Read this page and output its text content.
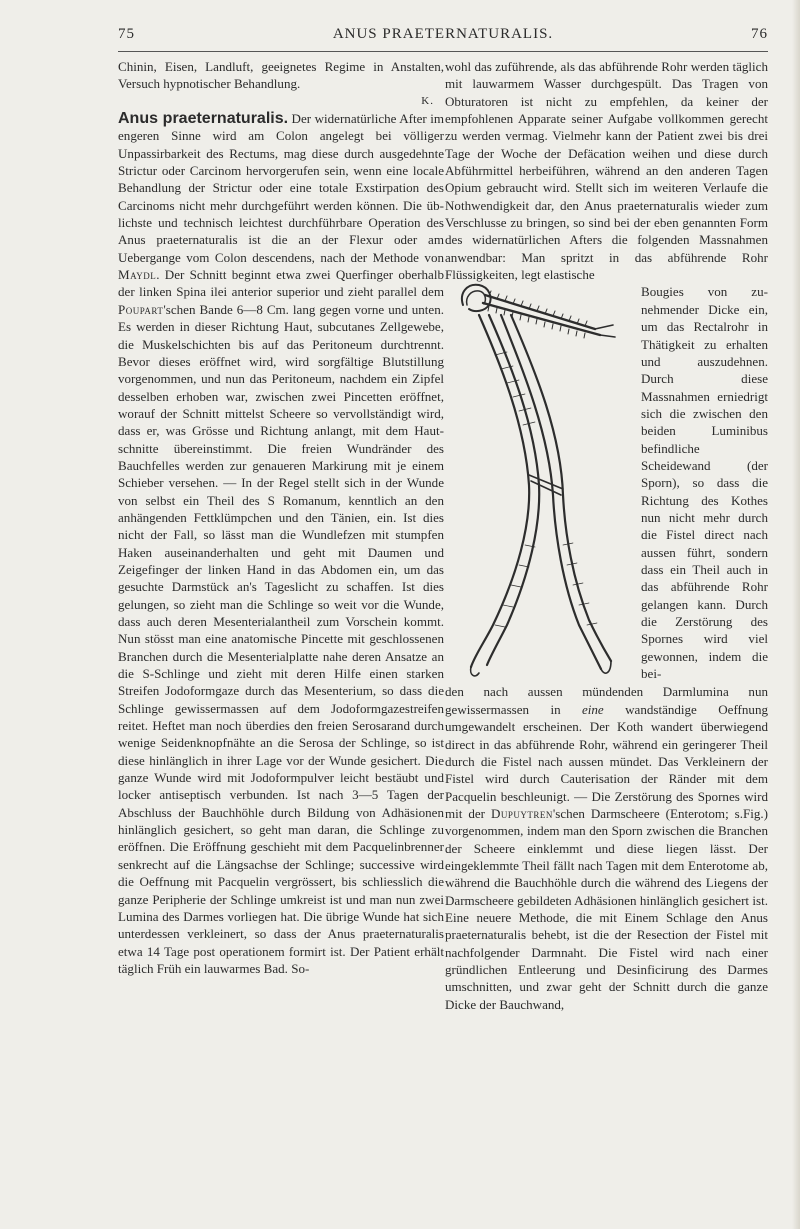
75	ANUS PRAETERNATURALIS.	76

Chinin, Eisen, Landluft, geeignetes Regime in Anstalten, Versuch hypnotischer Behandlung.

K.

Anus praeternaturalis. Der widernatürliche After im engeren Sinne wird am Colon angelegt bei völliger Unpassirbarkeit des Rectums, mag diese durch ausgedehnte Strictur oder Carcinom hervorgerufen sein, wenn eine locale Behandlung der Strictur oder eine totale Exstirpation des Carcinoms nicht mehr durchgeführt werden können. Die üblichste und technisch leichtest durchführbare Operation des Anus praeternaturalis ist die an der Flexur oder am Uebergange vom Colon descendens, nach der Methode von Maydl. Der Schnitt beginnt etwa zwei Querfinger oberhalb der linken Spina ilei anterior superior und zieht parallel dem Poupart'schen Bande 6—8 Cm. lang gegen vorne und unten. Es werden in dieser Richtung Haut, subcutanes Zellgewebe, die Muskelschichten bis auf das Peritoneum durchtrennt. Bevor dieses eröffnet wird, wird sorgfältige Blutstillung vorgenommen, und nun das Peritoneum, nachdem ein Zipfel desselben erhoben war, zwischen zwei Pincetten eröffnet, worauf der Schnitt mittelst Scheere so vervollständigt wird, dass er, was Grösse und Richtung anlangt, mit dem Hautschnitte übereinstimmt. Die freien Wundränder des Bauchfelles werden zur genaueren Markirung mit je einem Schieber versehen. — In der Regel stellt sich in der Wunde von selbst ein Theil des S Romanum, kenntlich an den anhängenden Fettklümpchen und den Tänien, ein. Ist dies nicht der Fall, so lässt man die Wundlefzen mit stumpfen Haken auseinanderhalten und geht mit Daumen und Zeigefinger der linken Hand in das Abdomen ein, um das gesuchte Darmstück an's Tageslicht zu schaffen. Ist dies gelungen, so zieht man die Schlinge so weit vor die Wunde, dass auch deren Mesenterialantheil zum Vorschein kommt. Nun stösst man eine anatomische Pincette mit geschlossenen Branchen durch die Mesenterialplatte nahe deren Ansatze an die S-Schlinge und zieht mit deren Hilfe einen starken Streifen Jodoformgaze durch das Mesenterium, so dass die Schlinge gewissermassen auf dem Jodoformgazestreifen reitet. Heftet man noch überdies den freien Serosarand durch wenige Seidenknopfnähte an die Serosa der Schlinge, so ist diese hinlänglich in ihrer Lage vor der Wunde gesichert. Die ganze Wunde wird mit Jodoformpulver leicht bestäubt und locker antiseptisch verbunden. Ist nach 3—5 Tagen der Abschluss der Bauchhöhle durch Bildung von Adhäsionen hinlänglich gesichert, so geht man daran, die Schlinge zu eröffnen. Die Eröffnung geschieht mit dem Pacquelinbrenner senkrecht auf die Längsachse der Schlinge; successive wird die Oeffnung mit Pacquelin vergrössert, bis schliesslich die ganze Peripherie der Schlinge umkreist ist und man nun zwei Lumina des Darmes vorliegen hat. Die übrige Wunde hat sich unterdessen verkleinert, so dass der Anus praeternaturalis etwa 14 Tage post operationem formirt ist. Der Patient erhält täglich Früh ein lauwarmes Bad. So-

wohl das zuführende, als das abführende Rohr werden täglich mit lauwarmem Wasser durchgespült. Das Tragen von Obturatoren ist nicht zu empfehlen, da keiner der empfohlenen Apparate seiner Aufgabe vollkommen gerecht zu werden vermag. Vielmehr kann der Patient zwei bis drei Tage der Woche der Defäcation weihen und diese durch Abführmittel herbeiführen, während an den anderen Tagen Opium gebraucht wird. Stellt sich im weiteren Verlaufe die Nothwendigkeit dar, den Anus praeternaturalis wieder zum Verschlusse zu bringen, so sind bei der eben genannten Form des widernatürlichen Afters die folgenden Massnahmen anwendbar: Man spritzt in das abführende Rohr Flüssigkeiten, legt elastische

Bougies von zunehmender Dicke ein, um das Rectalrohr in Thätigkeit zu erhalten und auszudehnen. Durch diese Massnahmen erniedrigt sich die zwischen den beiden Luminibus befindliche Scheidewand (der Sporn), so dass die Richtung des Kothes nun nicht mehr durch die Fistel direct nach aussen führt, sondern dass ein Theil auch in das abführende Rohr gelangen kann. Durch die Zerstörung des Spornes wird viel gewonnen, indem die bei-

den nach aussen mündenden Darmlumina nun gewissermassen in eine wandständige Oeffnung umgewandelt erscheinen. Der Koth wandert überwiegend direct in das abführende Rohr, während ein geringerer Theil durch die Fistel nach aussen mündet. Das Verkleinern der Fistel wird durch Cauterisation der Ränder mit dem Pacquelin beschleunigt. — Die Zerstörung des Spornes wird mit der Dupuytren'schen Darmscheere (Enterotom; s.Fig.) vorgenommen, indem man den Sporn zwischen die Branchen der Scheere einklemmt und diese liegen lässt. Der eingeklemmte Theil fällt nach Tagen mit dem Enterotome ab, während die Bauchhöhle durch die während des Liegens der Darmscheere gebildeten Adhäsionen hinlänglich gesichert ist. Eine neuere Methode, die mit Einem Schlage den Anus praeternaturalis behebt, ist die der Resection der Fistel mit nachfolgender Darmnaht. Die Fistel wird nach einer gründlichen Entleerung und Desinficirung des Darmes umschnitten, und zwar geht der Schnitt durch die ganze Dicke der Bauchwand,
